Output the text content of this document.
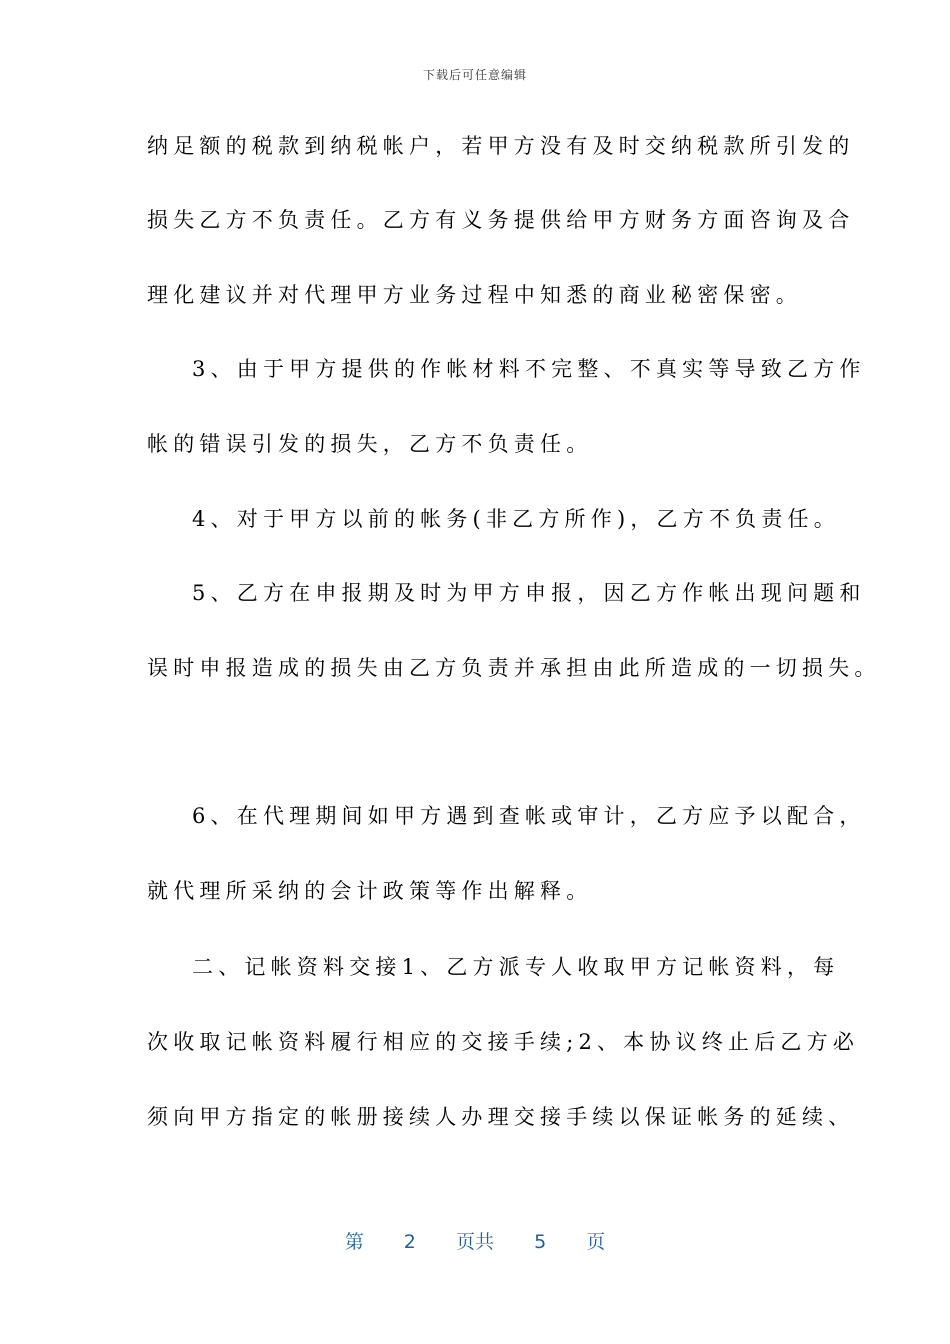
下载后可任意编辑
纳足额的税款到纳税帐户，若甲方没有及时交纳税款所引发的
损失乙方不负责任。乙方有义务提供给甲方财务方面咨询及合
理化建议并对代理甲方业务过程中知悉的商业秘密保密。
3、由于甲方提供的作帐材料不完整、不真实等导致乙方作
帐的错误引发的损失，乙方不负责任。
4、对于甲方以前的帐务(非乙方所作)，乙方不负责任。
5、乙方在申报期及时为甲方申报，因乙方作帐出现问题和
误时申报造成的损失由乙方负责并承担由此所造成的一切损失。
6、在代理期间如甲方遇到查帐或审计，乙方应予以配合，
就代理所采纳的会计政策等作出解释。
二、记帐资料交接1、乙方派专人收取甲方记帐资料，每
次收取记帐资料履行相应的交接手续;2、本协议终止后乙方必
须向甲方指定的帐册接续人办理交接手续以保证帐务的延续、
第 2 页共 5 页
